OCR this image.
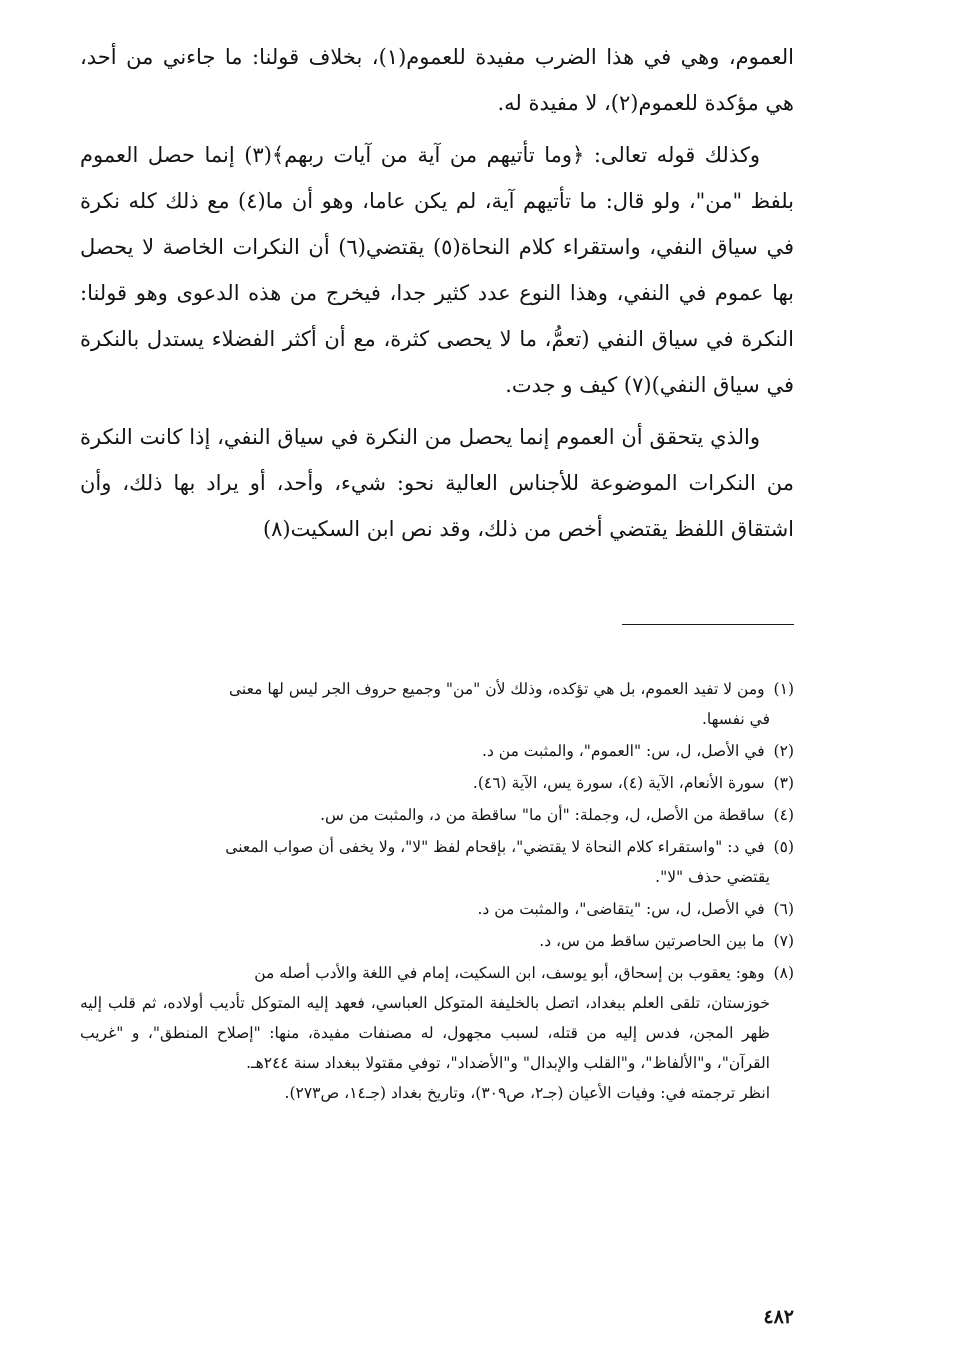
العموم، وهي في هذا الضرب مفيدة للعموم(١)، بخلاف قولنا: ما جاءني من أحد، هي مؤكدة للعموم(٢)، لا مفيدة له.

وكذلك قوله تعالى: ﴿وما تأتيهم من آية من آيات ربهم﴾(٣) إنما حصل العموم بلفظ "من"، ولو قال: ما تأتيهم آية، لم يكن عاما، وهو أن ما(٤) مع ذلك كله نكرة في سياق النفي، واستقراء كلام النحاة(٥) يقتضي(٦) أن النكرات الخاصة لا يحصل بها عموم في النفي، وهذا النوع عدد كثير جدا، فيخرج من هذه الدعوى وهو قولنا: النكرة في سياق النفي (تعمُّ، ما لا يحصى كثرة، مع أن أكثر الفضلاء يستدل بالنكرة في سياق النفي)(٧) كيف و جدت.

والذي يتحقق أن العموم إنما يحصل من النكرة في سياق النفي، إذا كانت النكرة من النكرات الموضوعة للأجناس العالية نحو: شيء، وأحد، أو يراد بها ذلك، وأن اشتقاق اللفظ يقتضي أخص من ذلك، وقد نص ابن السكيت(٨)

(١) ومن لا تفيد العموم، بل هي تؤكده، وذلك لأن "من" وجميع حروف الجر ليس لها معنى
في نفسها.
(٢) في الأصل، ل، س: "العموم"، والمثبت من د.
(٣) سورة الأنعام، الآية (٤)، سورة يس، الآية (٤٦).
(٤) ساقطة من الأصل، ل، وجملة: "أن ما" ساقطة من د، والمثبت من س.
(٥) في د: "واستقراء كلام النحاة لا يقتضي"، بإقحام لفظ "لا"، ولا يخفى أن صواب المعنى
يقتضي حذف "لا".
(٦) في الأصل، ل، س: "يتقاضى"، والمثبت من د.
(٧) ما بين الحاصرتين ساقط من س، د.
(٨) وهو: يعقوب بن إسحاق، أبو يوسف، ابن السكيت، إمام في اللغة والأدب أصله من
خوزستان، تلقى العلم ببغداد، اتصل بالخليفة المتوكل العباسي، فعهد إليه المتوكل تأديب أولاده، ثم قلب إليه ظهر المجن، فدس إليه من قتله، لسبب مجهول، له مصنفات مفيدة، منها: "إصلاح المنطق"، و "غريب القرآن"، و"الألفاظ"، و"القلب والإبدال" و"الأضداد"، توفي مقتولا ببغداد سنة ٢٤٤هـ.
انظر ترجمته في: وفيات الأعيان (جـ٢، ص٣٠٩)، وتاريخ بغداد (جـ١٤، ص٢٧٣).
٤٨٢
